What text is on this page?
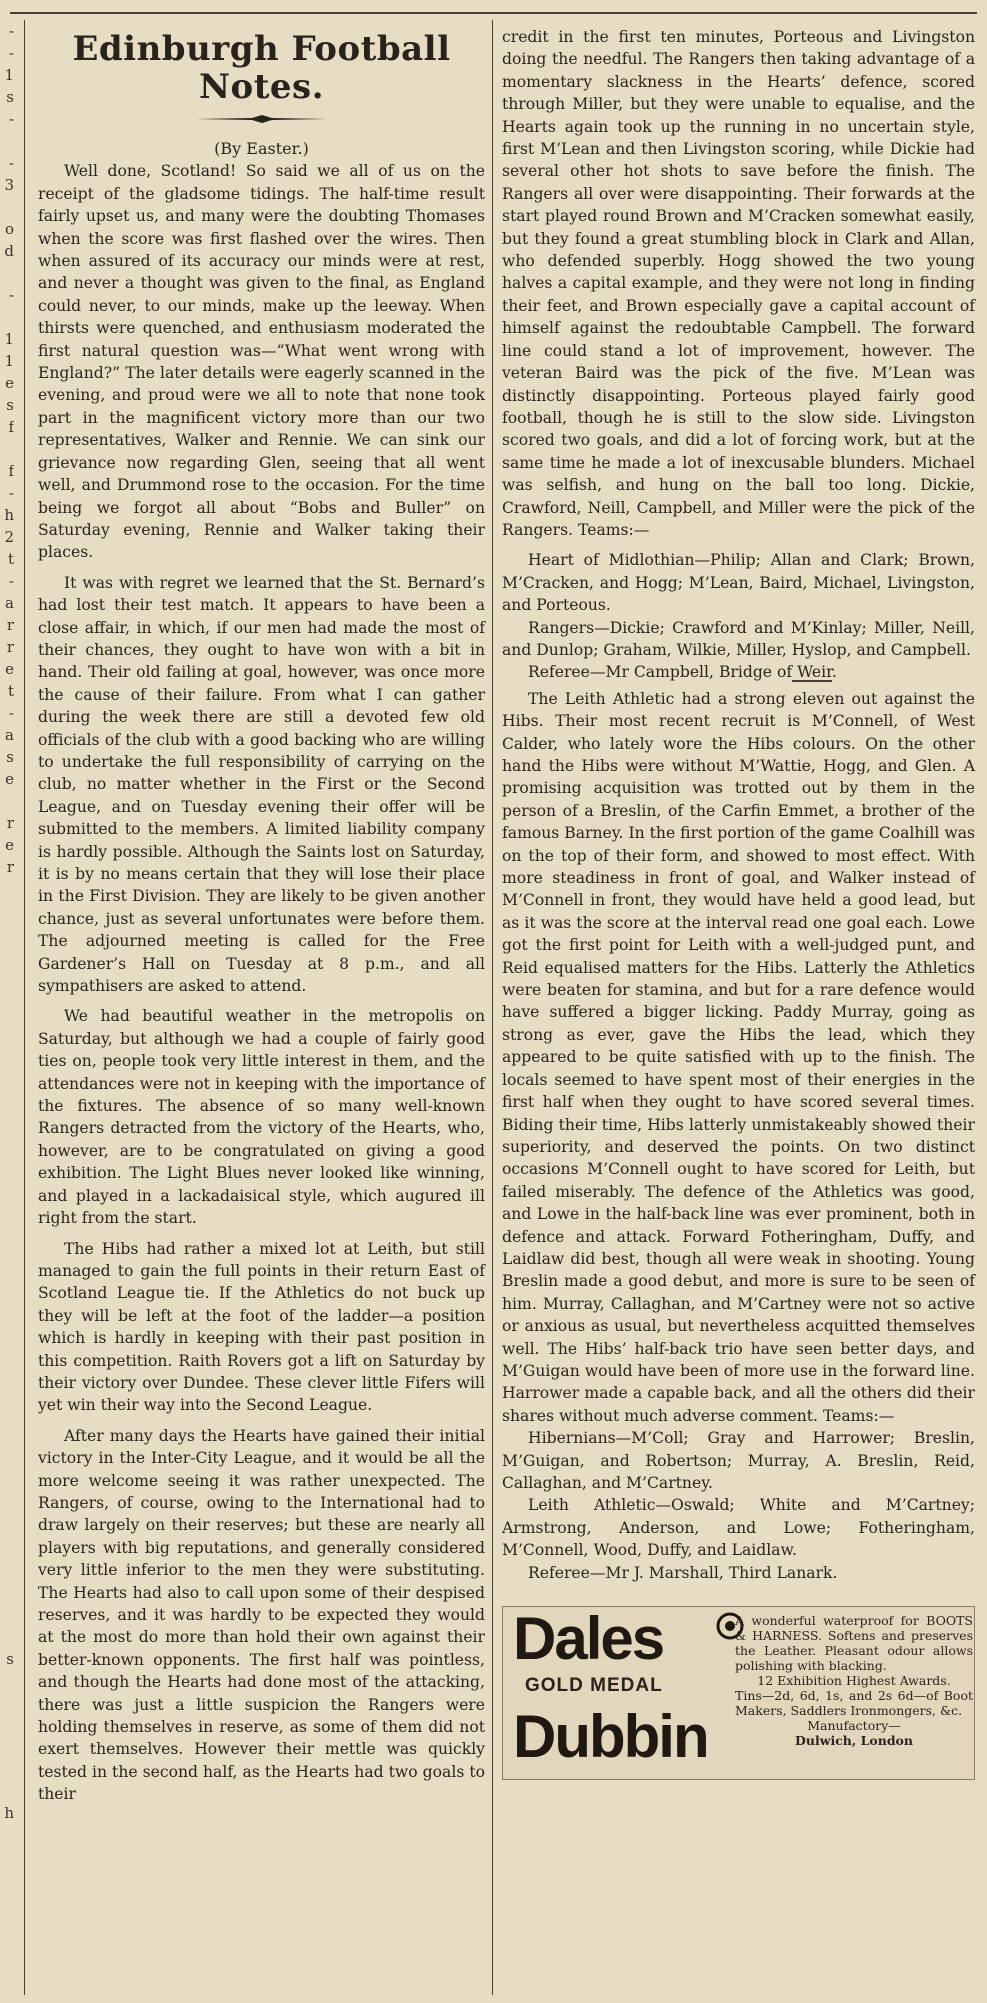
-
-
1
s
-
-
3
o
d
-
1
1
e
s
f
f
-
h
2
t
-
a
r
r
e
t
-
a
s
e
r
e
r
s
h
Edinburgh Football Notes.

(By Easter.)

Well done, Scotland! So said we all of us on the receipt of the gladsome tidings. The half-time result fairly upset us, and many were the doubting Thomases when the score was first flashed over the wires. Then when assured of its accuracy our minds were at rest, and never a thought was given to the final, as England could never, to our minds, make up the leeway. When thirsts were quenched, and enthusiasm moderated the first natural question was—“What went wrong with England?” The later details were eagerly scanned in the evening, and proud were we all to note that none took part in the magnificent victory more than our two representatives, Walker and Rennie. We can sink our grievance now regarding Glen, seeing that all went well, and Drummond rose to the occasion. For the time being we forgot all about “Bobs and Buller” on Saturday evening, Rennie and Walker taking their places.

It was with regret we learned that the St. Bernard’s had lost their test match. It appears to have been a close affair, in which, if our men had made the most of their chances, they ought to have won with a bit in hand. Their old failing at goal, however, was once more the cause of their failure. From what I can gather during the week there are still a devoted few old officials of the club with a good backing who are willing to undertake the full responsibility of carrying on the club, no matter whether in the First or the Second League, and on Tuesday evening their offer will be submitted to the members. A limited liability company is hardly possible. Although the Saints lost on Saturday, it is by no means certain that they will lose their place in the First Division. They are likely to be given another chance, just as several unfortunates were before them. The adjourned meeting is called for the Free Gardener’s Hall on Tuesday at 8 p.m., and all sympathisers are asked to attend.

We had beautiful weather in the metropolis on Saturday, but although we had a couple of fairly good ties on, people took very little interest in them, and the attendances were not in keeping with the importance of the fixtures. The absence of so many well-known Rangers detracted from the victory of the Hearts, who, however, are to be congratulated on giving a good exhibition. The Light Blues never looked like winning, and played in a lackadaisical style, which augured ill right from the start.

The Hibs had rather a mixed lot at Leith, but still managed to gain the full points in their return East of Scotland League tie. If the Athletics do not buck up they will be left at the foot of the ladder—a position which is hardly in keeping with their past position in this competition. Raith Rovers got a lift on Saturday by their victory over Dundee. These clever little Fifers will yet win their way into the Second League.

After many days the Hearts have gained their initial victory in the Inter-City League, and it would be all the more welcome seeing it was rather unexpected. The Rangers, of course, owing to the International had to draw largely on their reserves; but these are nearly all players with big reputations, and generally considered very little inferior to the men they were substituting. The Hearts had also to call upon some of their despised reserves, and it was hardly to be expected they would at the most do more than hold their own against their better-known opponents. The first half was pointless, and though the Hearts had done most of the attacking, there was just a little suspicion the Rangers were holding themselves in reserve, as some of them did not exert themselves. However their mettle was quickly tested in the second half, as the Hearts had two goals to their

credit in the first ten minutes, Porteous and Livingston doing the needful. The Rangers then taking advantage of a momentary slackness in the Hearts’ defence, scored through Miller, but they were unable to equalise, and the Hearts again took up the running in no uncertain style, first M’Lean and then Livingston scoring, while Dickie had several other hot shots to save before the finish. The Rangers all over were disappointing. Their forwards at the start played round Brown and M’Cracken somewhat easily, but they found a great stumbling block in Clark and Allan, who defended superbly. Hogg showed the two young halves a capital example, and they were not long in finding their feet, and Brown especially gave a capital account of himself against the redoubtable Campbell. The forward line could stand a lot of improvement, however. The veteran Baird was the pick of the five. M’Lean was distinctly disappointing. Porteous played fairly good football, though he is still to the slow side. Livingston scored two goals, and did a lot of forcing work, but at the same time he made a lot of inexcusable blunders. Michael was selfish, and hung on the ball too long. Dickie, Crawford, Neill, Campbell, and Miller were the pick of the Rangers. Teams:—

Heart of Midlothian—Philip; Allan and Clark; Brown, M’Cracken, and Hogg; M’Lean, Baird, Michael, Livingston, and Porteous.

Rangers—Dickie; Crawford and M’Kinlay; Miller, Neill, and Dunlop; Graham, Wilkie, Miller, Hyslop, and Campbell.

Referee—Mr Campbell, Bridge of Weir.

The Leith Athletic had a strong eleven out against the Hibs. Their most recent recruit is M’Connell, of West Calder, who lately wore the Hibs colours. On the other hand the Hibs were without M’Wattie, Hogg, and Glen. A promising acquisition was trotted out by them in the person of a Breslin, of the Carfin Emmet, a brother of the famous Barney. In the first portion of the game Coalhill was on the top of their form, and showed to most effect. With more steadiness in front of goal, and Walker instead of M’Connell in front, they would have held a good lead, but as it was the score at the interval read one goal each. Lowe got the first point for Leith with a well-judged punt, and Reid equalised matters for the Hibs. Latterly the Athletics were beaten for stamina, and but for a rare defence would have suffered a bigger licking. Paddy Murray, going as strong as ever, gave the Hibs the lead, which they appeared to be quite satisfied with up to the finish. The locals seemed to have spent most of their energies in the first half when they ought to have scored several times. Biding their time, Hibs latterly unmistakeably showed their superiority, and deserved the points. On two distinct occasions M’Connell ought to have scored for Leith, but failed miserably. The defence of the Athletics was good, and Lowe in the half-back line was ever prominent, both in defence and attack. Forward Fotheringham, Duffy, and Laidlaw did best, though all were weak in shooting. Young Breslin made a good debut, and more is sure to be seen of him. Murray, Callaghan, and M’Cartney were not so active or anxious as usual, but nevertheless acquitted themselves well. The Hibs’ half-back trio have seen better days, and M’Guigan would have been of more use in the forward line. Harrower made a capable back, and all the others did their shares without much adverse comment. Teams:—

Hibernians—M’Coll; Gray and Harrower; Breslin, M’Guigan, and Robertson; Murray, A. Breslin, Reid, Callaghan, and M’Cartney.

Leith Athletic—Oswald; White and M’Cartney; Armstrong, Anderson, and Lowe; Fotheringham, M’Connell, Wood, Duffy, and Laidlaw.

Referee—Mr J. Marshall, Third Lanark.

Dales
GOLD MEDAL
Dubbin
A wonderful waterproof for BOOTS & HARNESS. Softens and preserves the Leather. Pleasant odour allows polishing with blacking.
12 Exhibition Highest Awards.
Tins—2d, 6d, 1s, and 2s 6d—of Boot Makers, Saddlers Ironmongers, &c.
Manufactory—
Dulwich, London
